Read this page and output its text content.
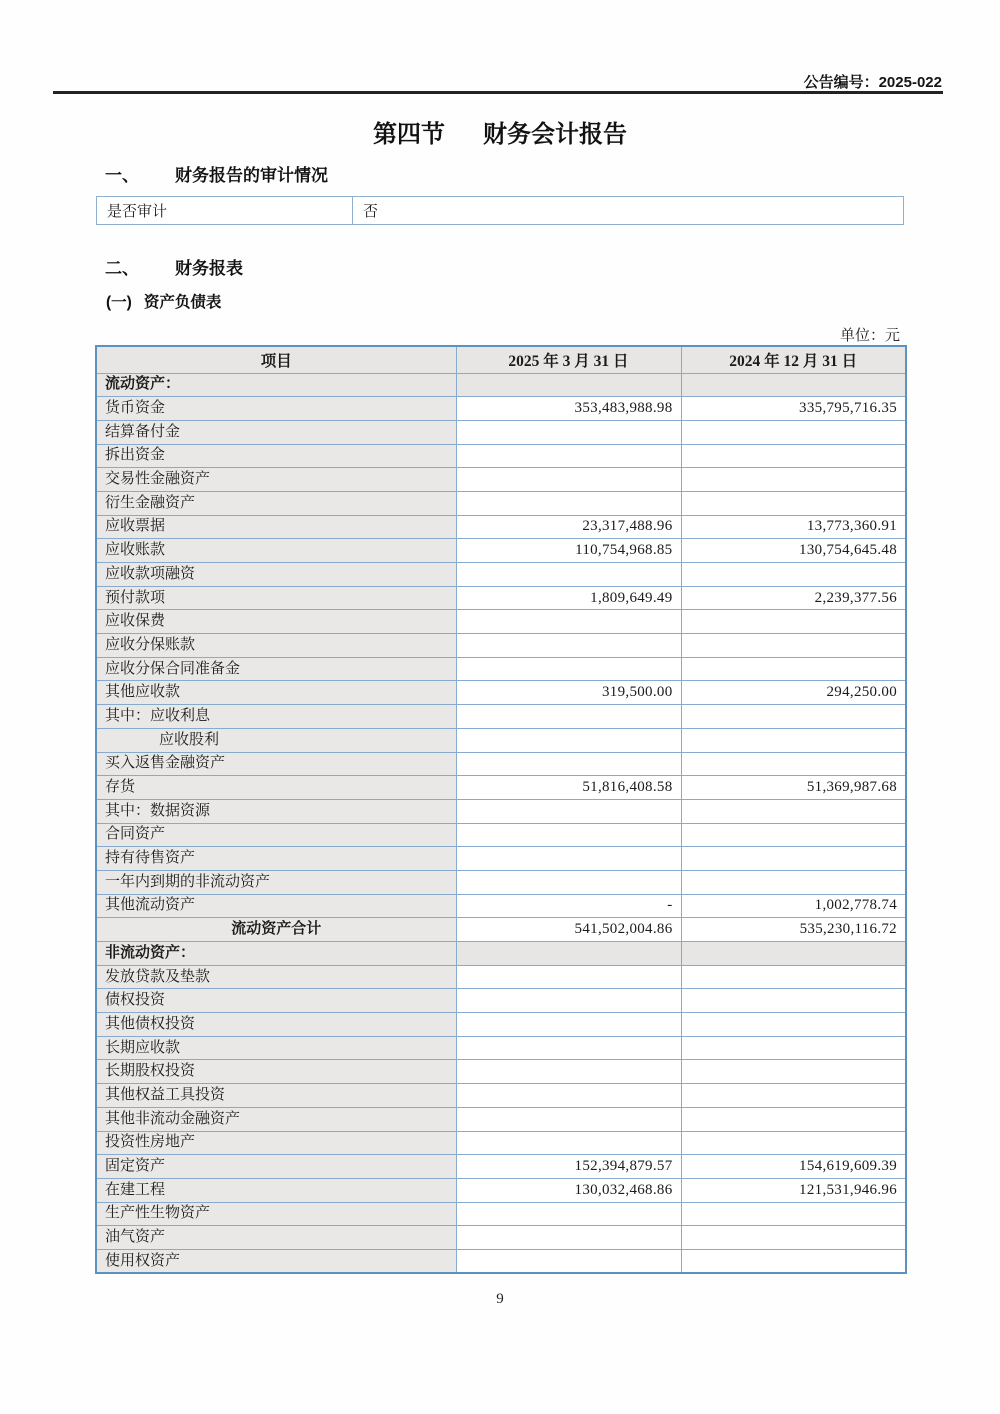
公告编号：2025-022
第四节 财务会计报告
一、 财务报告的审计情况
是否审计	否
二、 财务报表
(一) 资产负债表
单位：元
项目	2025 年 3 月 31 日	2024 年 12 月 31 日
流动资产：		
货币资金	353,483,988.98	335,795,716.35
结算备付金		
拆出资金		
交易性金融资产		
衍生金融资产		
应收票据	23,317,488.96	13,773,360.91
应收账款	110,754,968.85	130,754,645.48
应收款项融资		
预付款项	1,809,649.49	2,239,377.56
应收保费		
应收分保账款		
应收分保合同准备金		
其他应收款	319,500.00	294,250.00
其中：应收利息		
应收股利		
买入返售金融资产		
存货	51,816,408.58	51,369,987.68
其中：数据资源		
合同资产		
持有待售资产		
一年内到期的非流动资产		
其他流动资产	-	1,002,778.74
流动资产合计	541,502,004.86	535,230,116.72
非流动资产：		
发放贷款及垫款		
债权投资		
其他债权投资		
长期应收款		
长期股权投资		
其他权益工具投资		
其他非流动金融资产		
投资性房地产		
固定资产	152,394,879.57	154,619,609.39
在建工程	130,032,468.86	121,531,946.96
生产性生物资产		
油气资产		
使用权资产		
9
